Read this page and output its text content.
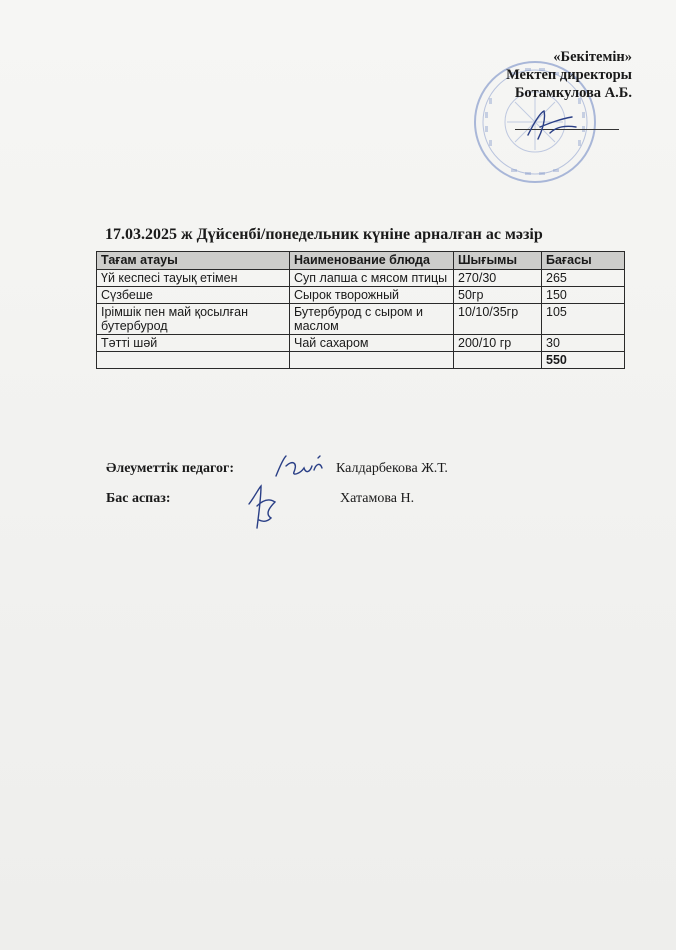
«Бекітемін»
Мектеп директоры
Ботамкулова А.Б.
17.03.2025 ж Дүйсенбі/понедельник күніне арналған ас мәзір
Тағам атауы	Наименование блюда	Шығымы	Бағасы
Үй кеспесі тауық етімен	Суп лапша с мясом птицы	270/30	265
Сүзбеше	Сырок творожный	50гр	150
Ірімшік пен май қосылған бутербурод	Бутербурод с сыром и маслом	10/10/35гр	105
Тәтті шәй	Чай сахаром	200/10 гр	30
			550
Әлеуметтік педагог:	Калдарбекова Ж.Т.
Бас аспаз:	Хатамова Н.
